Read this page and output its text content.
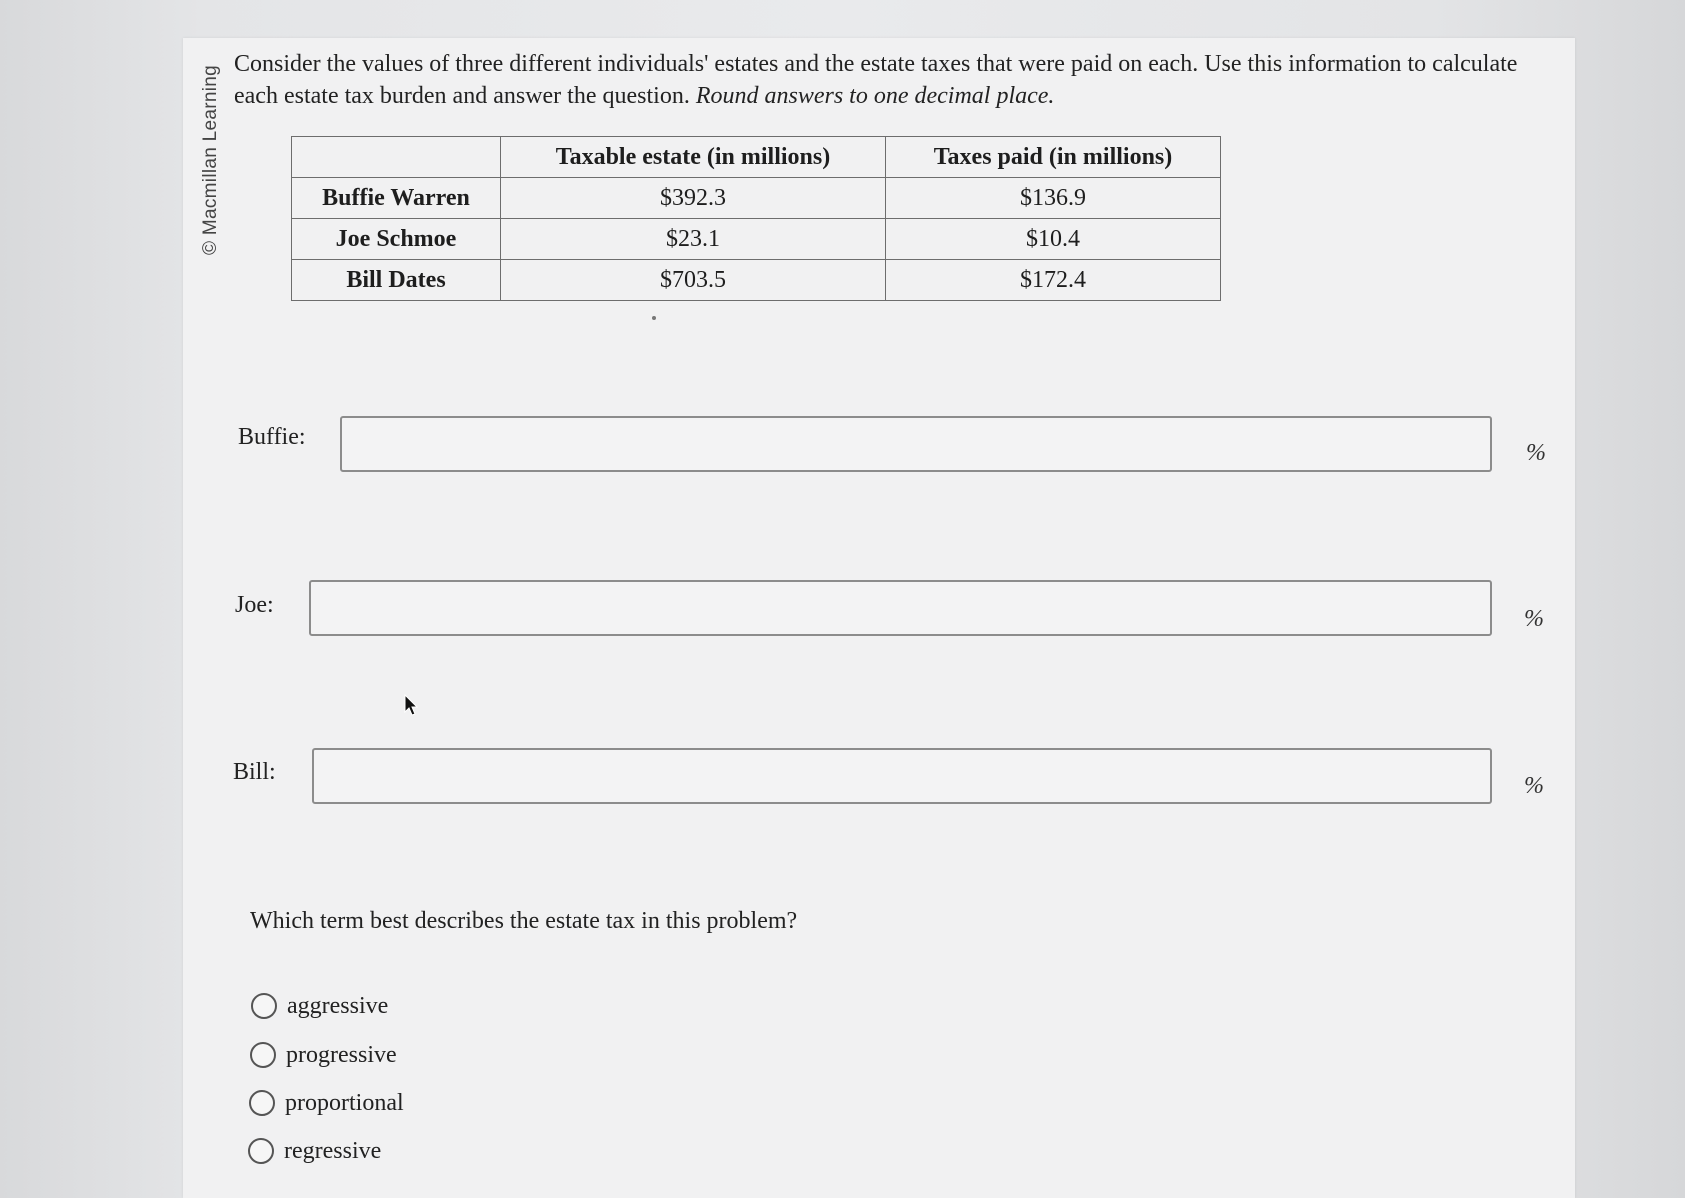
© Macmillan Learning
Consider the values of three different individuals' estates and the estate taxes that were paid on each. Use this information to calculate each estate tax burden and answer the question. Round answers to one decimal place.
	Taxable estate (in millions)	Taxes paid (in millions)
Buffie Warren	$392.3	$136.9
Joe Schmoe	$23.1	$10.4
Bill Dates	$703.5	$172.4
Buffie:
%
Joe:
%
Bill:
%
Which term best describes the estate tax in this problem?
aggressive
progressive
proportional
regressive
